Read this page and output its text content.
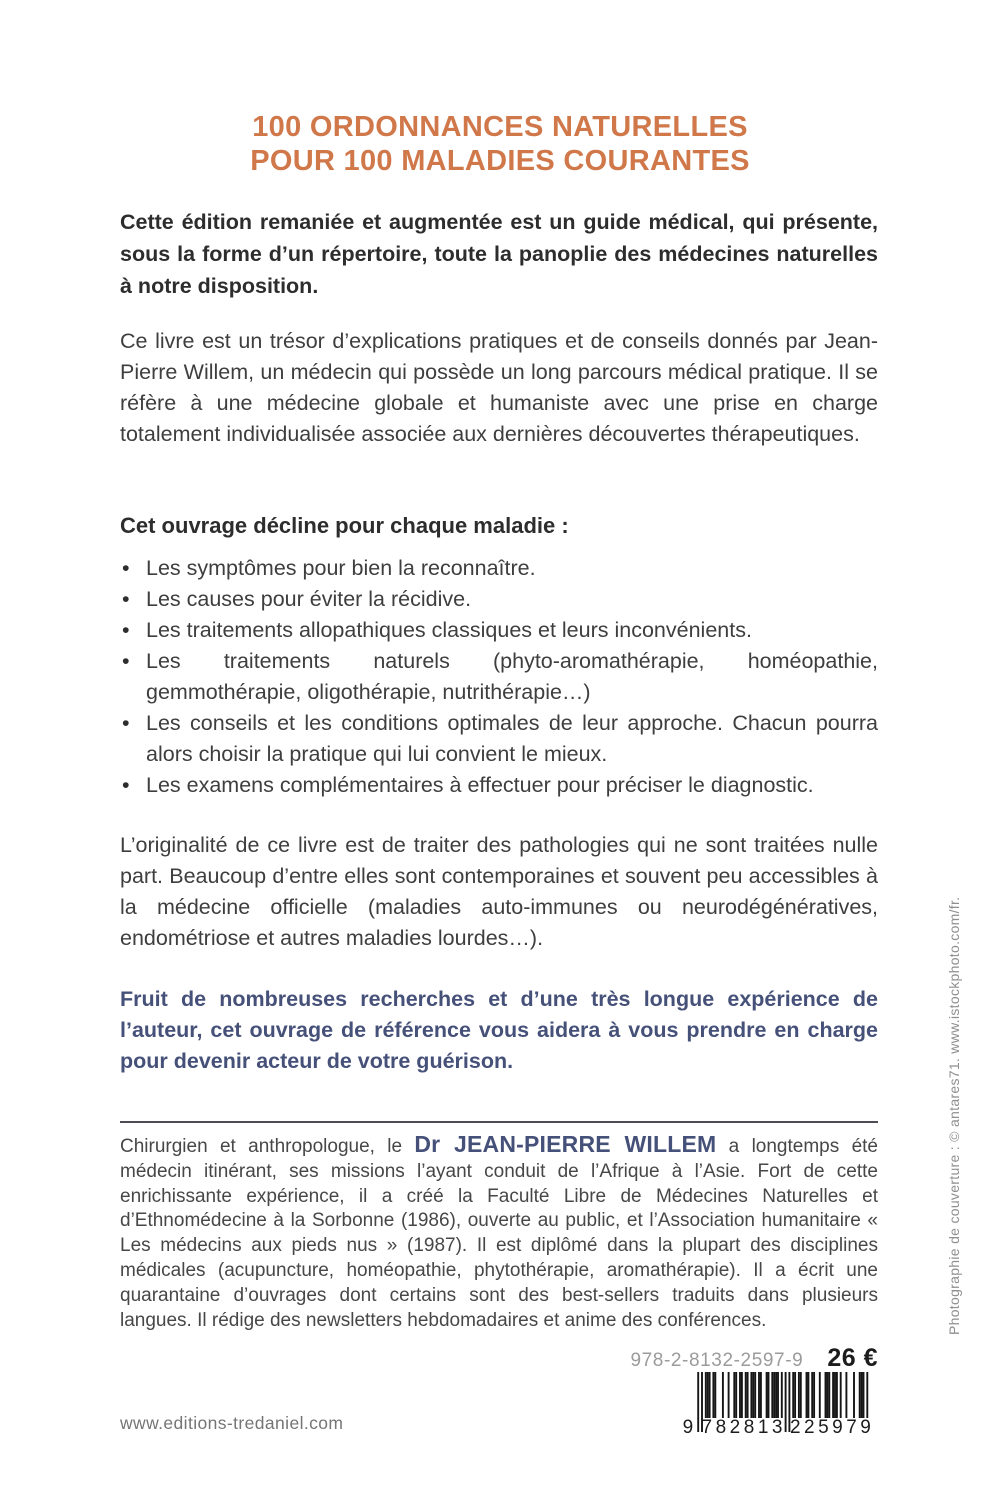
100 ORDONNANCES NATURELLES
POUR 100 MALADIES COURANTES

Cette édition remaniée et augmentée est un guide médical, qui présente, sous la forme d’un répertoire, toute la panoplie des médecines naturelles à notre disposition.

Ce livre est un trésor d’explications pratiques et de conseils donnés par Jean-Pierre Willem, un médecin qui possède un long parcours médical pratique. Il se réfère à une médecine globale et humaniste avec une prise en charge totalement individualisée associée aux dernières découvertes thérapeutiques.

Cet ouvrage décline pour chaque maladie :
• Les symptômes pour bien la reconnaître.
• Les causes pour éviter la récidive.
• Les traitements allopathiques classiques et leurs inconvénients.
• Les traitements naturels (phyto-aromathérapie, homéopathie, gemmothérapie, oligothérapie, nutrithérapie…)
• Les conseils et les conditions optimales de leur approche. Chacun pourra alors choisir la pratique qui lui convient le mieux.
• Les examens complémentaires à effectuer pour préciser le diagnostic.

L’originalité de ce livre est de traiter des pathologies qui ne sont traitées nulle part. Beaucoup d’entre elles sont contemporaines et souvent peu accessibles à la médecine officielle (maladies auto-immunes ou neurodégénératives, endométriose et autres maladies lourdes…).

Fruit de nombreuses recherches et d’une très longue expérience de l’auteur, cet ouvrage de référence vous aidera à vous prendre en charge pour devenir acteur de votre guérison.

Chirurgien et anthropologue, le Dr JEAN-PIERRE WILLEM a longtemps été médecin itinérant, ses missions l’ayant conduit de l’Afrique à l’Asie. Fort de cette enrichissante expérience, il a créé la Faculté Libre de Médecines Naturelles et d’Ethnomédecine à la Sorbonne (1986), ouverte au public, et l’Association humanitaire « Les médecins aux pieds nus » (1987). Il est diplômé dans la plupart des disciplines médicales (acupuncture, homéopathie, phytothérapie, aromathérapie). Il a écrit une quarantaine d’ouvrages dont certains sont des best-sellers traduits dans plusieurs langues. Il rédige des newsletters hebdomadaires et anime des conférences.

978-2-8132-2597-9 26 €
9 782813 225979
www.editions-tredaniel.com
Photographie de couverture : © antares71. www.istockphoto.com/fr.
